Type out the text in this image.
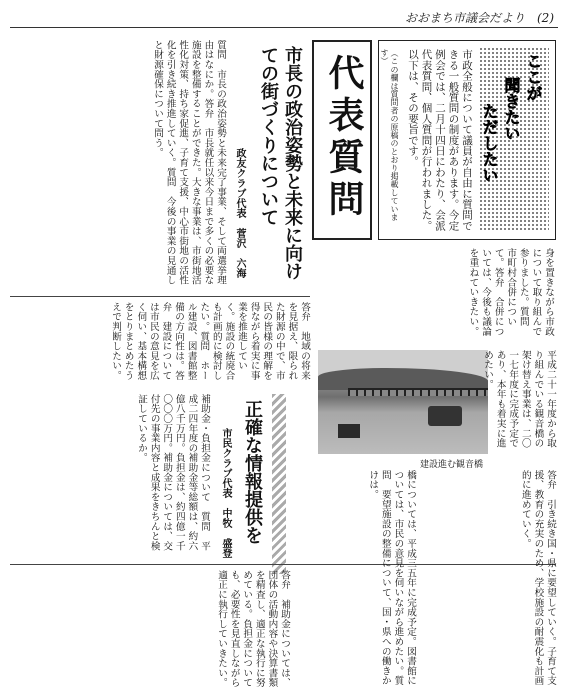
おおまち市議会だより　(2)
ここが
聞きたい
ただしたい
市政全般について議員が自由に質問できる一般質問の制度があります。今定例会では、二月十四日にわたり、会派代表質問、個人質問が行われました。以下は、その要旨です。
（この欄は質問者の原稿のとおり掲載しています）
代表質問
市長の政治姿勢と未来に向けての街づくりについて
政友クラブ代表　菅沢　六海
質問　市長の政治姿勢と未来完了事業、そして両選挙理由はなにか。答弁　市長就任以来今日まで多くの必要な施設を整備することができた。大きな事業は、市街地活性化対策、持ち家促進、子育て支援、中心市街地の活性化を引き続き推進していく。質問　今後の事業の見通しと財源確保について問う。
答弁　地域の将来を見据え、限られた財源の中で、市民の皆様の理解を得ながら着実に事業を推進していく。施設の統廃合も計画的に検討したい。質問　ホール建設、図書館整備の方向性は。答弁　建設については市民の意見を広く伺い、基本構想をとりまとめたうえで判断したい。
身を置きながら市政について取り組んで参りました。質問　市町村合併について。答弁　合併については、今後も議論を重ねていきたい。
建設進む観音橋
平成二十一年度から取り組んでいる観音橋の架け替え事業は、二〇一七年度に完成予定であり、本年も着実に進めたい。
正確な情報提供を
市民クラブ代表　中牧　盛登
補助金・負担金について　質問　平成二四年度の補助金等総額は、約六億八千万円。負担金は、約四億一千〇〇〇万円。補助金については、交付先の事業内容と成果をきちんと検証しているか。
答弁　補助金については、団体の活動内容や決算書類を精査し、適正な執行に努めている。負担金についても、必要性を見直しながら適正に執行していきたい。	橋については、平成三五年に完成予定。図書館については、市民の意見を伺いながら進めたい。質問　要望施設の整備について、国・県への働きかけは。	答弁　引き続き国・県に要望していく。子育て支援、教育の充実のため、学校施設の耐震化も計画的に進めていく。
